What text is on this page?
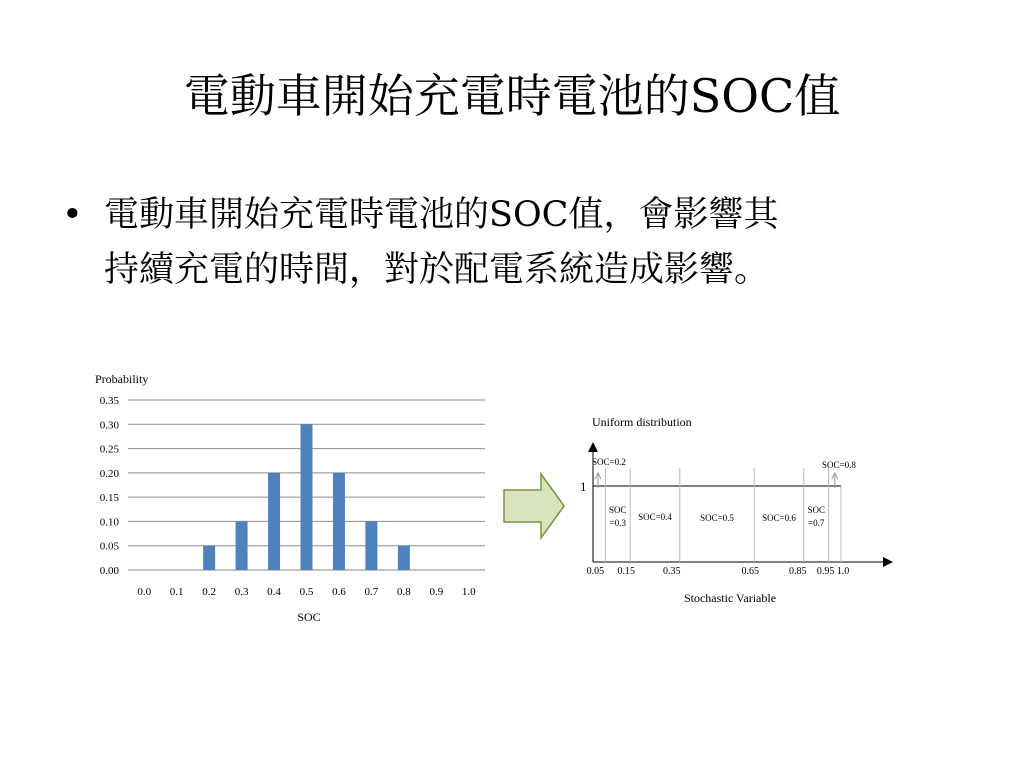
電動車開始充電時電池的SOC值
• 電動車開始充電時電池的SOC值，會影響其
持續充電的時間，對於配電系統造成影響。
0.00
0.05
0.10
0.15
0.20
0.25
0.30
0.35
0.0 0.1 0.2 0.3 0.4 0.5 0.6 0.7 0.8 0.9 1.0
Probability
SOC
Uniform distribution
1
SOC=0.2
SOC
=0.3
SOC=0.4	SOC=0.5	SOC=0.6
SOC
=0.7
SOC=0.8
0.05 0.15	0.35	0.65	0.85 0.95 1.0
Stochastic Variable
